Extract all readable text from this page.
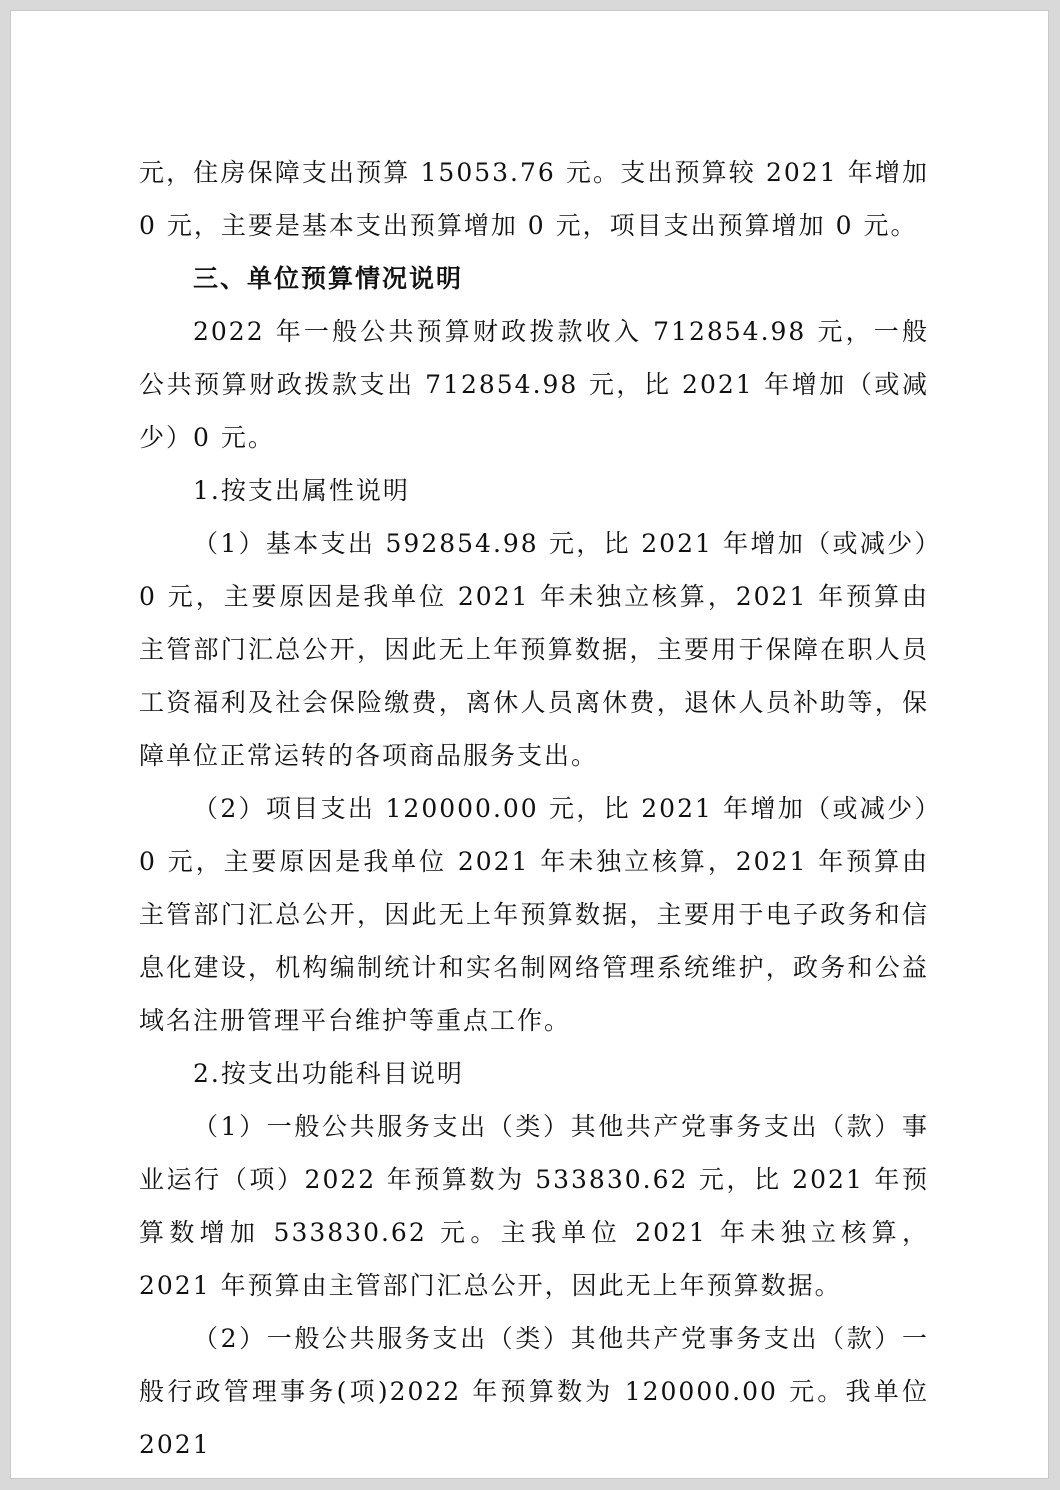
元，住房保障支出预算 15053.76 元。支出预算较 2021 年增加 0 元，主要是基本支出预算增加 0 元，项目支出预算增加 0 元。

三、单位预算情况说明

2022 年一般公共预算财政拨款收入 712854.98 元，一般公共预算财政拨款支出 712854.98 元，比 2021 年增加（或减少）0 元。

1.按支出属性说明

（1）基本支出 592854.98 元，比 2021 年增加（或减少）0 元，主要原因是我单位 2021 年未独立核算，2021 年预算由主管部门汇总公开，因此无上年预算数据，主要用于保障在职人员工资福利及社会保险缴费，离休人员离休费，退休人员补助等，保障单位正常运转的各项商品服务支出。

（2）项目支出 120000.00 元，比 2021 年增加（或减少）0 元，主要原因是我单位 2021 年未独立核算，2021 年预算由主管部门汇总公开，因此无上年预算数据，主要用于电子政务和信息化建设，机构编制统计和实名制网络管理系统维护，政务和公益域名注册管理平台维护等重点工作。

2.按支出功能科目说明

（1）一般公共服务支出（类）其他共产党事务支出（款）事业运行（项）2022 年预算数为 533830.62 元，比 2021 年预算数增加 533830.62 元。主我单位 2021 年未独立核算，2021 年预算由主管部门汇总公开，因此无上年预算数据。

（2）一般公共服务支出（类）其他共产党事务支出（款）一般行政管理事务(项)2022 年预算数为 120000.00 元。我单位 2021
